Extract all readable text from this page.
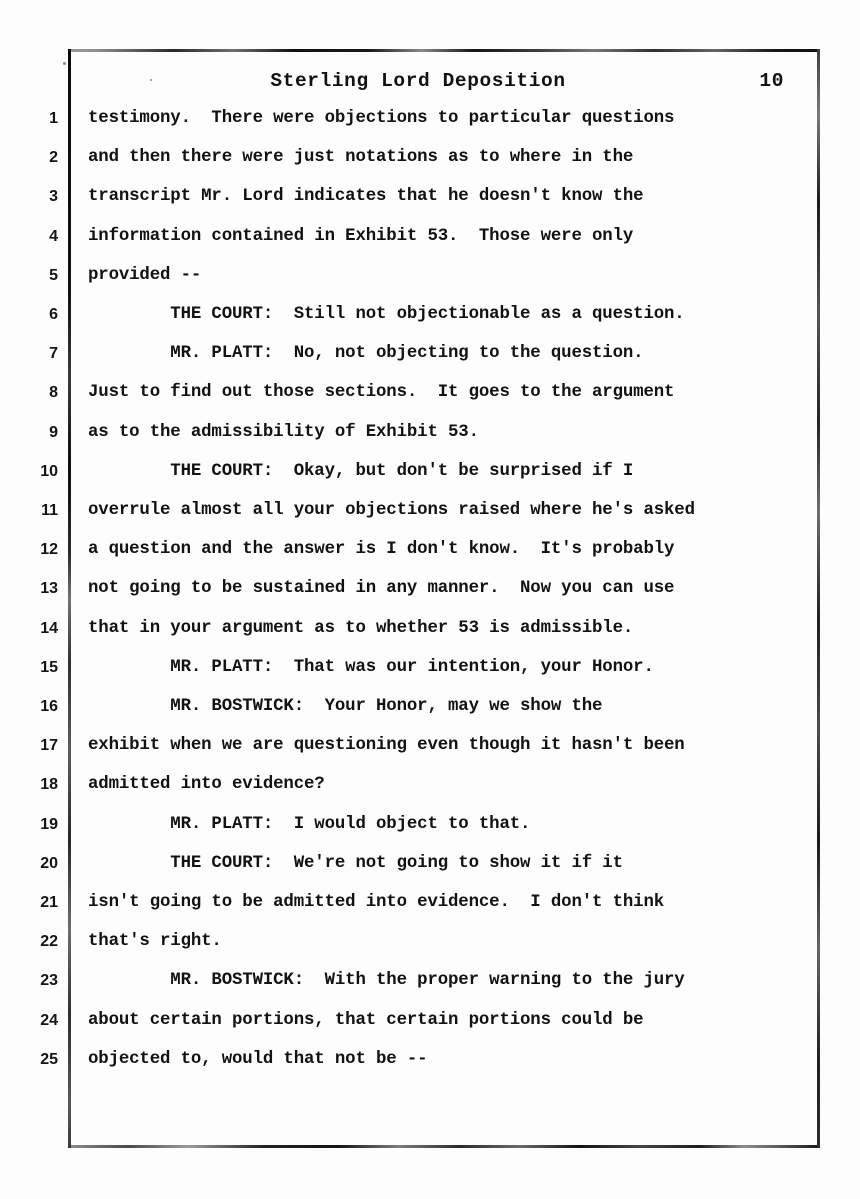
Sterling Lord Deposition	10
1
2
3
4
5
6
7
8
9
10
11
12
13
14
15
16
17
18
19
20
21
22
23
24
25
testimony.  There were objections to particular questions
and then there were just notations as to where in the
transcript Mr. Lord indicates that he doesn't know the
information contained in Exhibit 53.  Those were only
provided --
THE COURT:  Still not objectionable as a question.
MR. PLATT:  No, not objecting to the question.
Just to find out those sections.  It goes to the argument
as to the admissibility of Exhibit 53.
THE COURT:  Okay, but don't be surprised if I
overrule almost all your objections raised where he's asked
a question and the answer is I don't know.  It's probably
not going to be sustained in any manner.  Now you can use
that in your argument as to whether 53 is admissible.
MR. PLATT:  That was our intention, your Honor.
MR. BOSTWICK:  Your Honor, may we show the
exhibit when we are questioning even though it hasn't been
admitted into evidence?
MR. PLATT:  I would object to that.
THE COURT:  We're not going to show it if it
isn't going to be admitted into evidence.  I don't think
that's right.
MR. BOSTWICK:  With the proper warning to the jury
about certain portions, that certain portions could be
objected to, would that not be --
